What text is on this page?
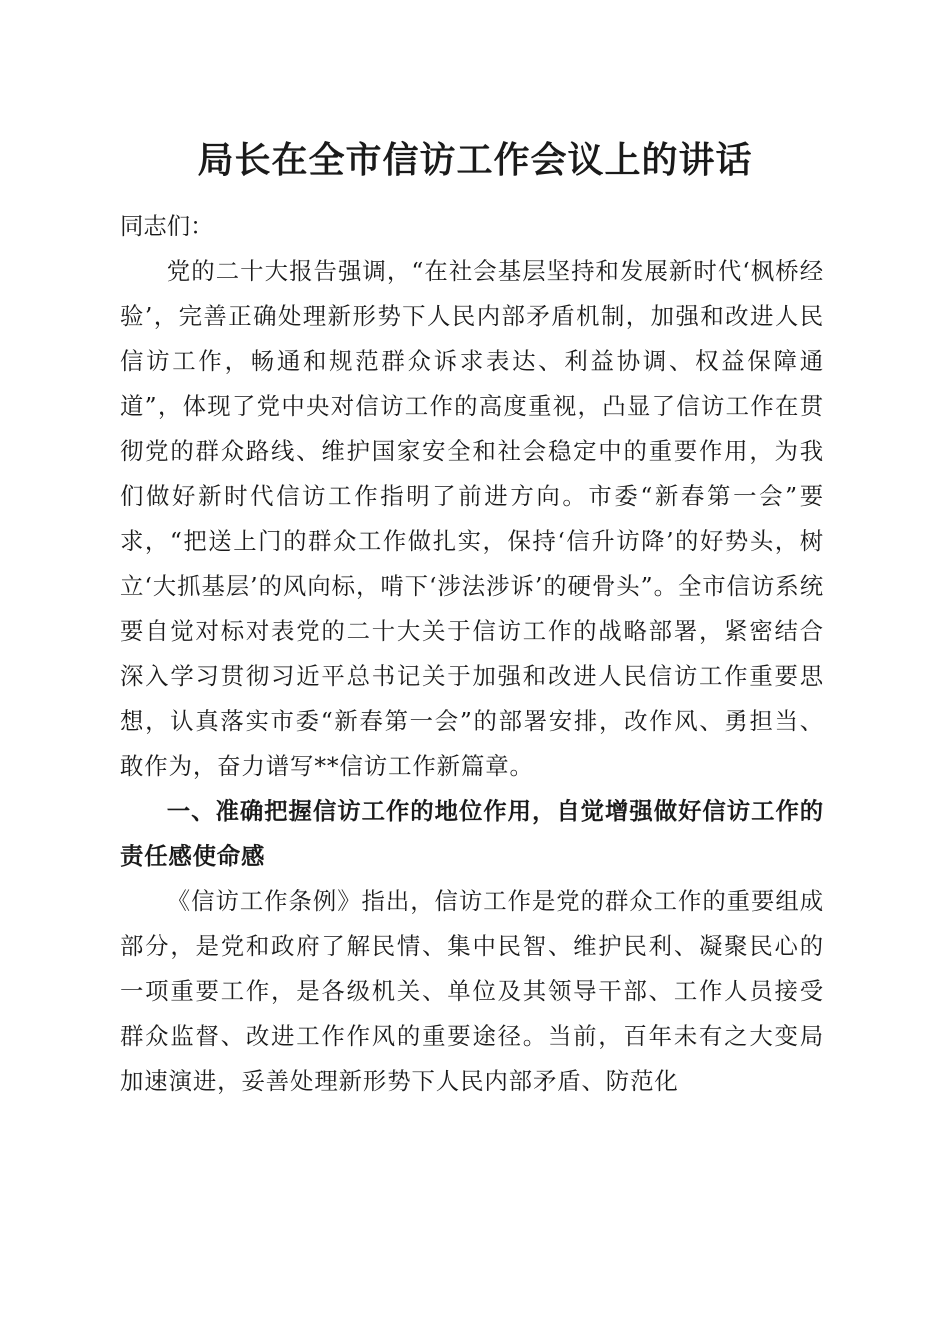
局长在全市信访工作会议上的讲话

同志们：

党的二十大报告强调，“在社会基层坚持和发展新时代‘枫桥经验’，完善正确处理新形势下人民内部矛盾机制，加强和改进人民信访工作，畅通和规范群众诉求表达、利益协调、权益保障通道”，体现了党中央对信访工作的高度重视，凸显了信访工作在贯彻党的群众路线、维护国家安全和社会稳定中的重要作用，为我们做好新时代信访工作指明了前进方向。市委“新春第一会”要求，“把送上门的群众工作做扎实，保持‘信升访降’的好势头，树立‘大抓基层’的风向标，啃下‘涉法涉诉’的硬骨头”。全市信访系统要自觉对标对表党的二十大关于信访工作的战略部署，紧密结合深入学习贯彻习近平总书记关于加强和改进人民信访工作重要思想，认真落实市委“新春第一会”的部署安排，改作风、勇担当、敢作为，奋力谱写**信访工作新篇章。

一、准确把握信访工作的地位作用，自觉增强做好信访工作的责任感使命感

《信访工作条例》指出，信访工作是党的群众工作的重要组成部分，是党和政府了解民情、集中民智、维护民利、凝聚民心的一项重要工作，是各级机关、单位及其领导干部、工作人员接受群众监督、改进工作作风的重要途径。当前，百年未有之大变局加速演进，妥善处理新形势下人民内部矛盾、防范化
